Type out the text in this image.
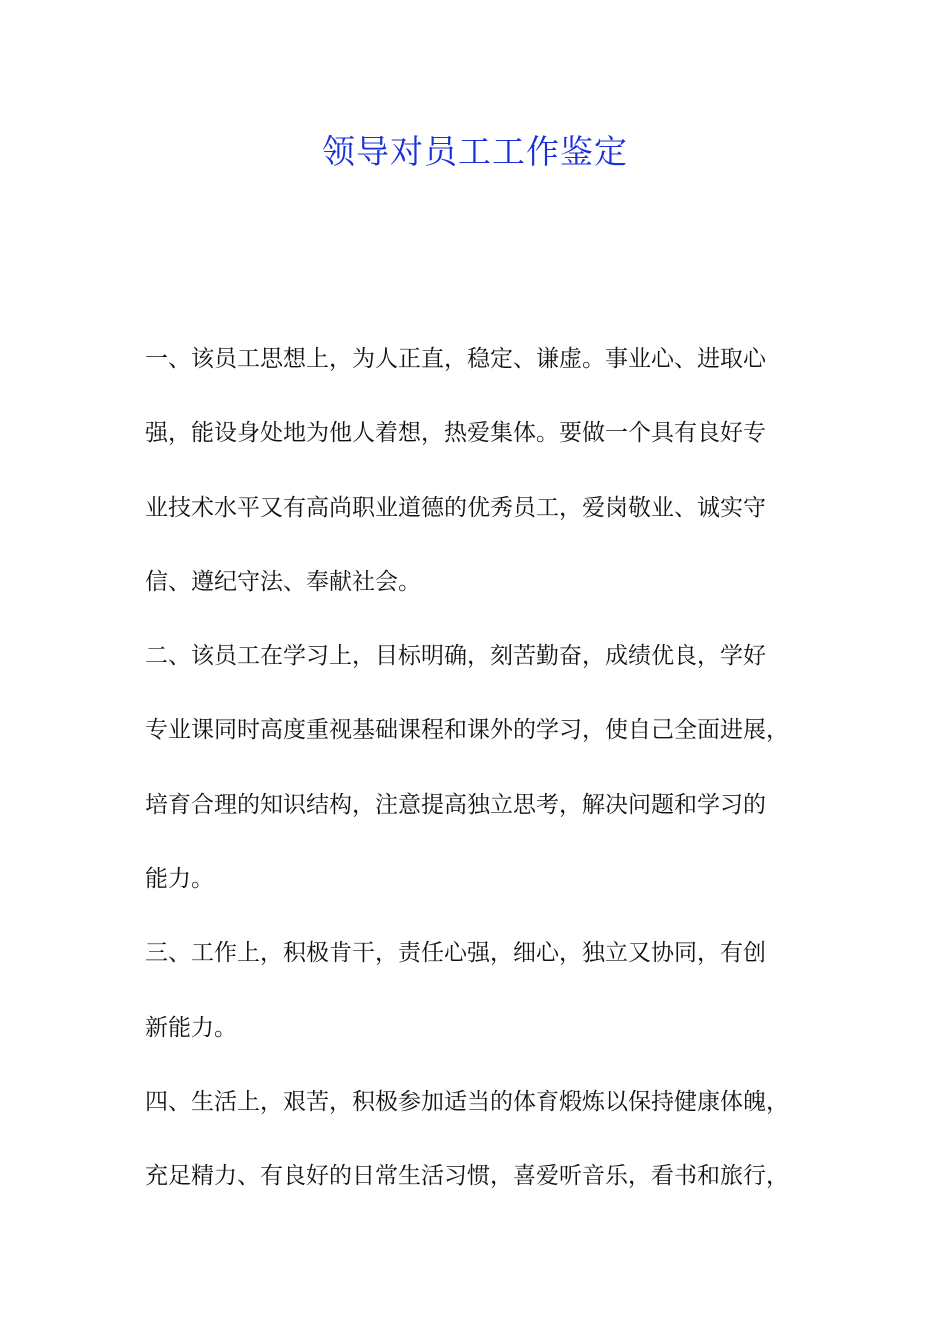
领导对员工工作鉴定
一、该员工思想上，为人正直，稳定、谦虚。事业心、进取心
强，能设身处地为他人着想，热爱集体。要做一个具有良好专
业技术水平又有高尚职业道德的优秀员工，爱岗敬业、诚实守
信、遵纪守法、奉献社会。
二、该员工在学习上，目标明确，刻苦勤奋，成绩优良，学好
专业课同时高度重视基础课程和课外的学习，使自己全面进展，
培育合理的知识结构，注意提高独立思考，解决问题和学习的
能力。
三、工作上，积极肯干，责任心强，细心，独立又协同，有创
新能力。
四、生活上，艰苦，积极参加适当的体育煅炼以保持健康体魄，
充足精力、有良好的日常生活习惯，喜爱听音乐，看书和旅行，
